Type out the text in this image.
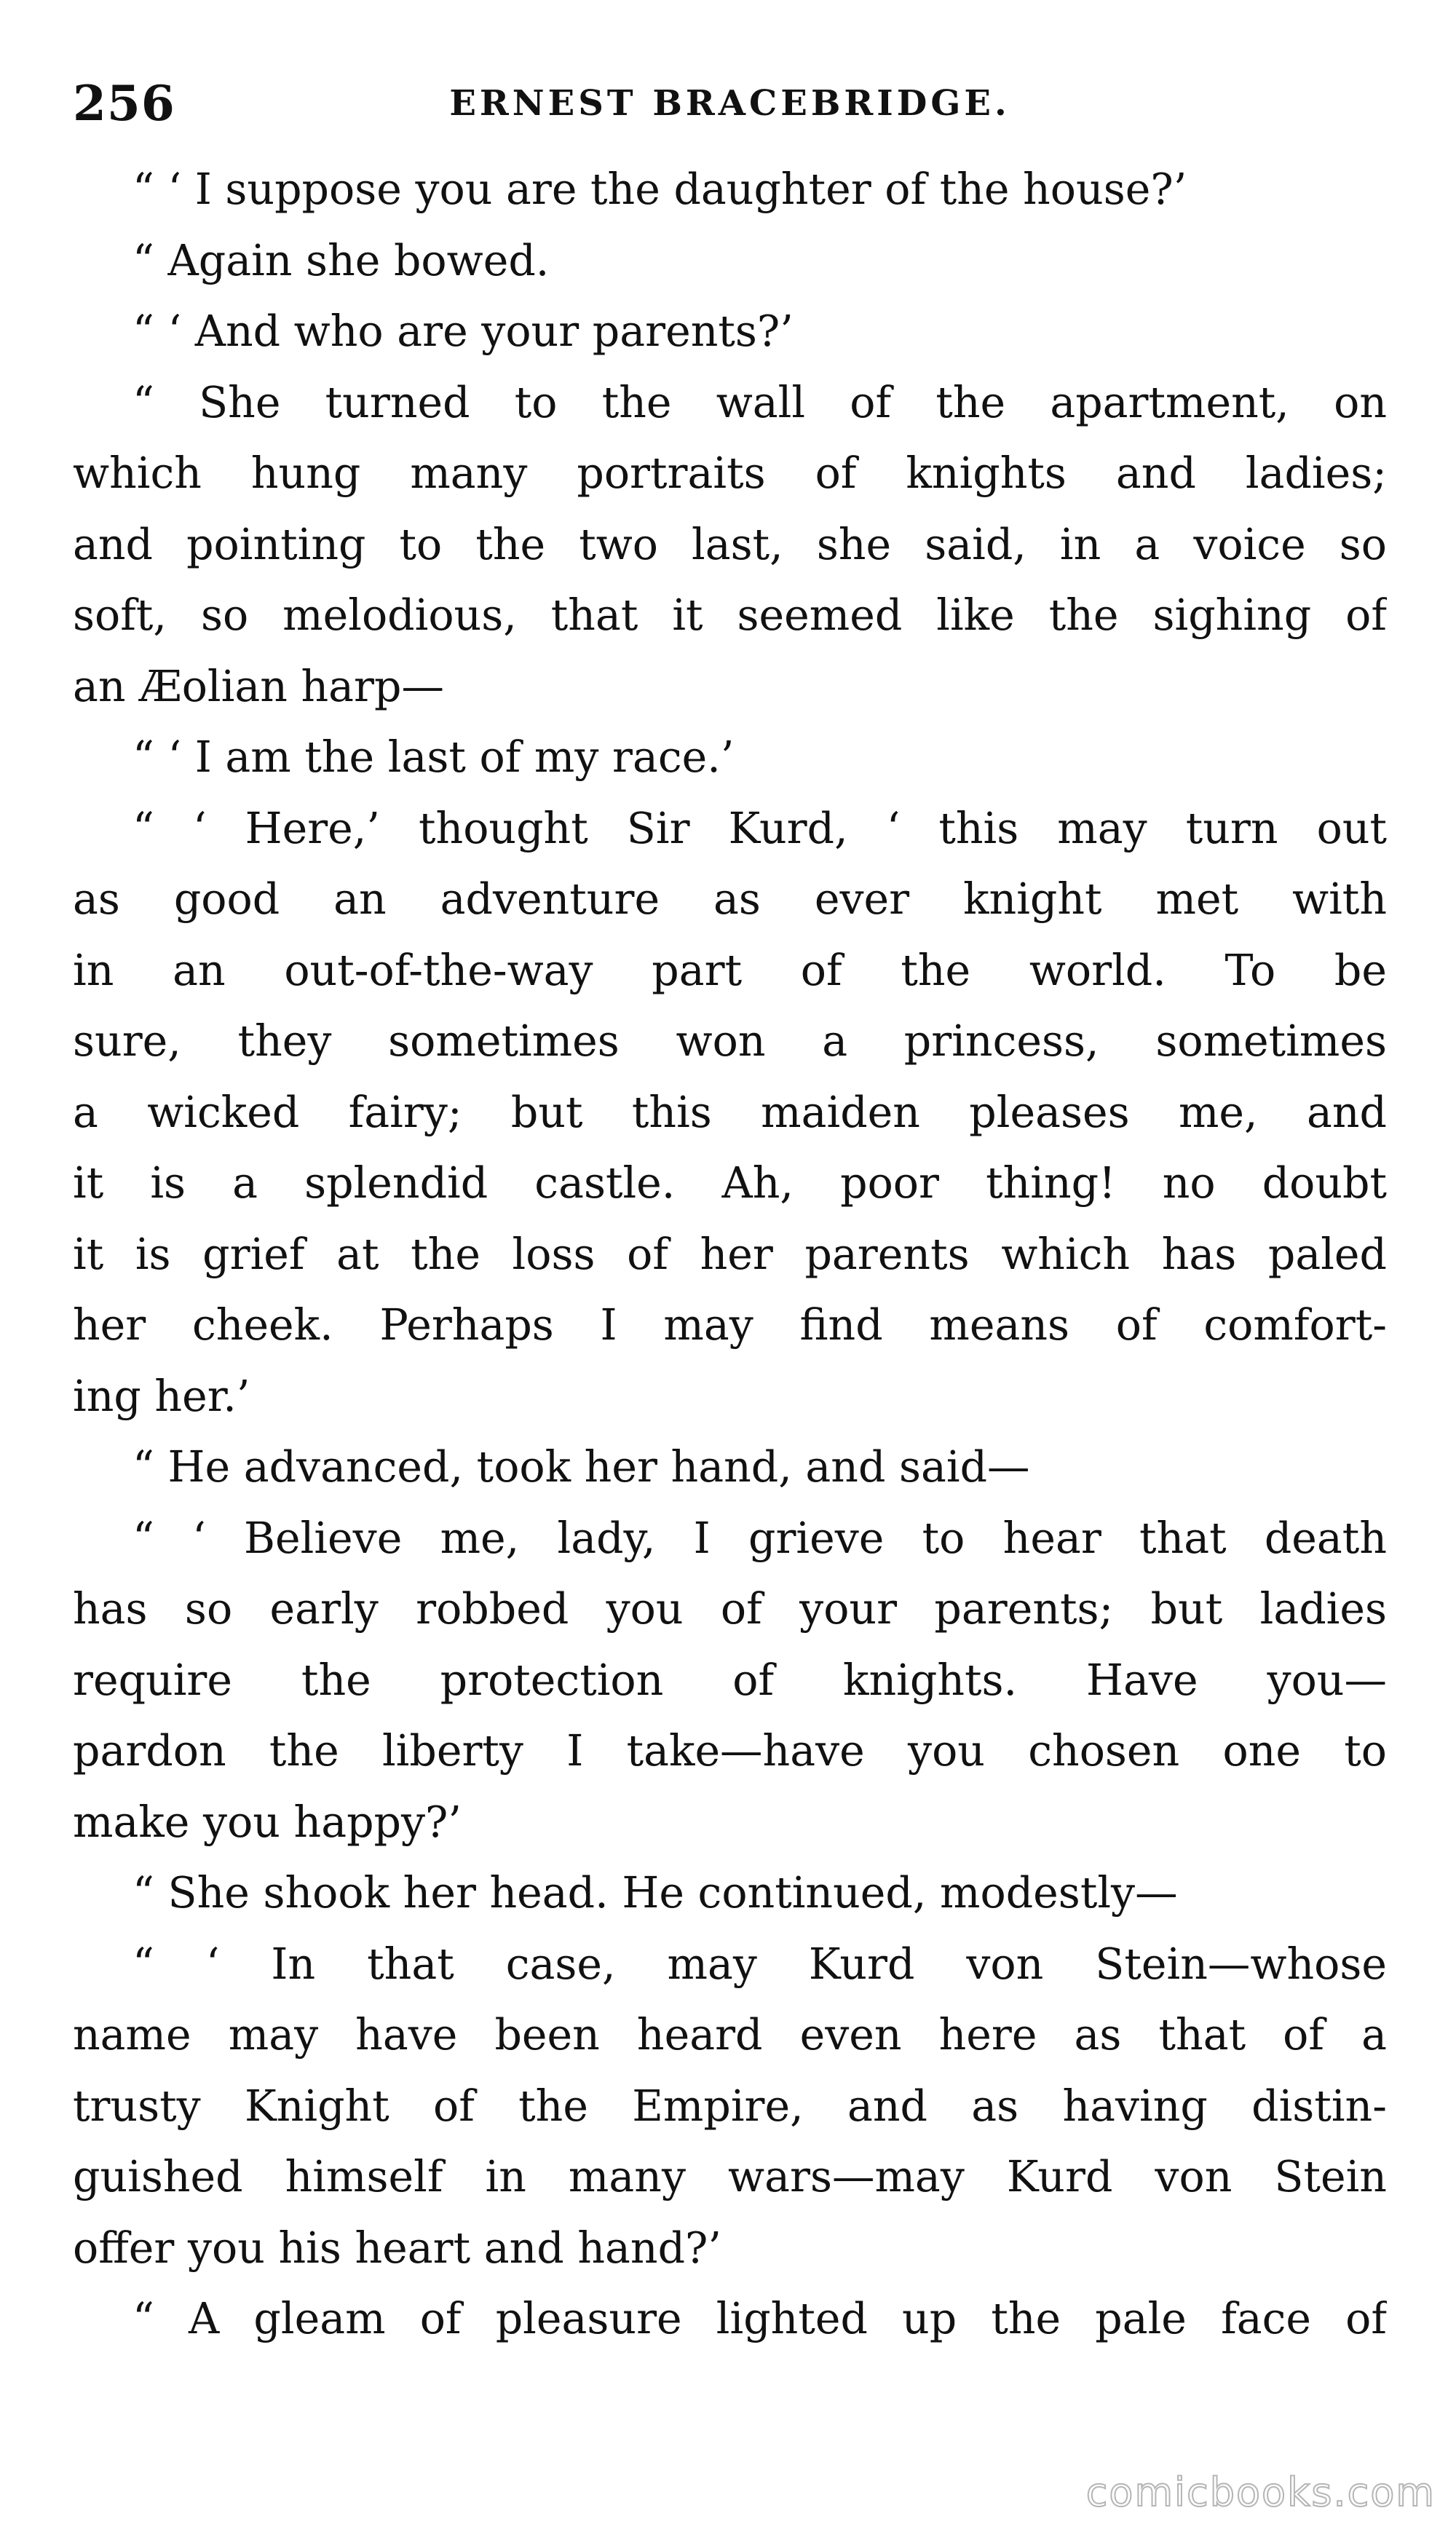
256	ERNEST BRACEBRIDGE.
“ ‘ I suppose you are the daughter of the house?’
“ Again she bowed.
“ ‘ And who are your parents?’
“ She turned to the wall of the apartment, on
which hung many portraits of knights and ladies;
and pointing to the two last, she said, in a voice so
soft, so melodious, that it seemed like the sighing of
an Æolian harp—
“ ‘ I am the last of my race.’
“ ‘ Here,’ thought Sir Kurd, ‘ this may turn out
as good an adventure as ever knight met with
in an out-of-the-way part of the world. To be
sure, they sometimes won a princess, sometimes
a wicked fairy; but this maiden pleases me, and
it is a splendid castle. Ah, poor thing! no doubt
it is grief at the loss of her parents which has paled
her cheek. Perhaps I may find means of comfort-
ing her.’
“ He advanced, took her hand, and said—
“ ‘ Believe me, lady, I grieve to hear that death
has so early robbed you of your parents; but ladies
require the protection of knights. Have you—
pardon the liberty I take—have you chosen one to
make you happy?’
“ She shook her head. He continued, modestly—
“ ‘ In that case, may Kurd von Stein—whose
name may have been heard even here as that of a
trusty Knight of the Empire, and as having distin-
guished himself in many wars—may Kurd von Stein
offer you his heart and hand?’
“ A gleam of pleasure lighted up the pale face of
comicbooks.com
